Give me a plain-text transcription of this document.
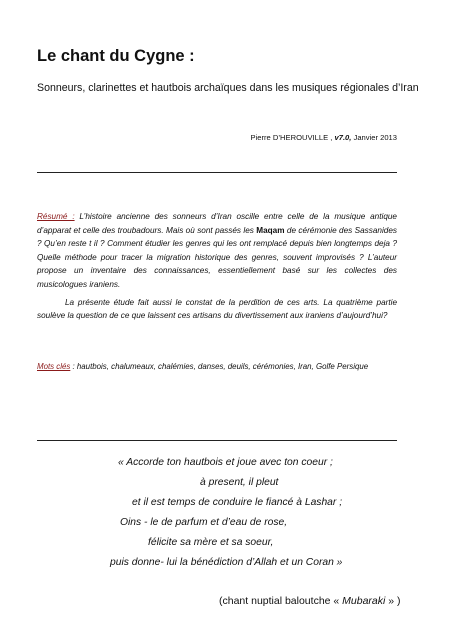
Le chant du Cygne :
Sonneurs, clarinettes et hautbois archaïques dans les musiques régionales d’Iran
Pierre D’HEROUVILLE , v7.0, Janvier 2013

Résumé : L’histoire ancienne des sonneurs d’Iran oscille entre celle de la musique antique d’apparat et celle des troubadours. Mais où sont passés les Maqam de cérémonie des Sassanides ? Qu’en reste t il ? Comment étudier les genres qui les ont remplacé depuis bien longtemps deja ? Quelle méthode pour tracer la migration historique des genres, souvent improvisés ? L’auteur propose un inventaire des connaissances, essentiellement basé sur les collectes des musicologues iraniens.

La présente étude fait aussi le constat de la perdition de ces arts. La quatrième partie soulève la question de ce que laissent ces artisans du divertissement aux iraniens d’aujourd’hui?

Mots clés : hautbois, chalumeaux, chalémies, danses, deuils, cérémonies, Iran, Golfe Persique
« Accorde ton hautbois et joue avec ton coeur ;
à present, il pleut
et il est temps de conduire le fiancé à Lashar ;
Oins - le de parfum et d’eau de rose,
félicite sa mère et sa soeur,
puis donne- lui la bénédiction d’Allah et un Coran »
(chant nuptial baloutche « Mubaraki » )
